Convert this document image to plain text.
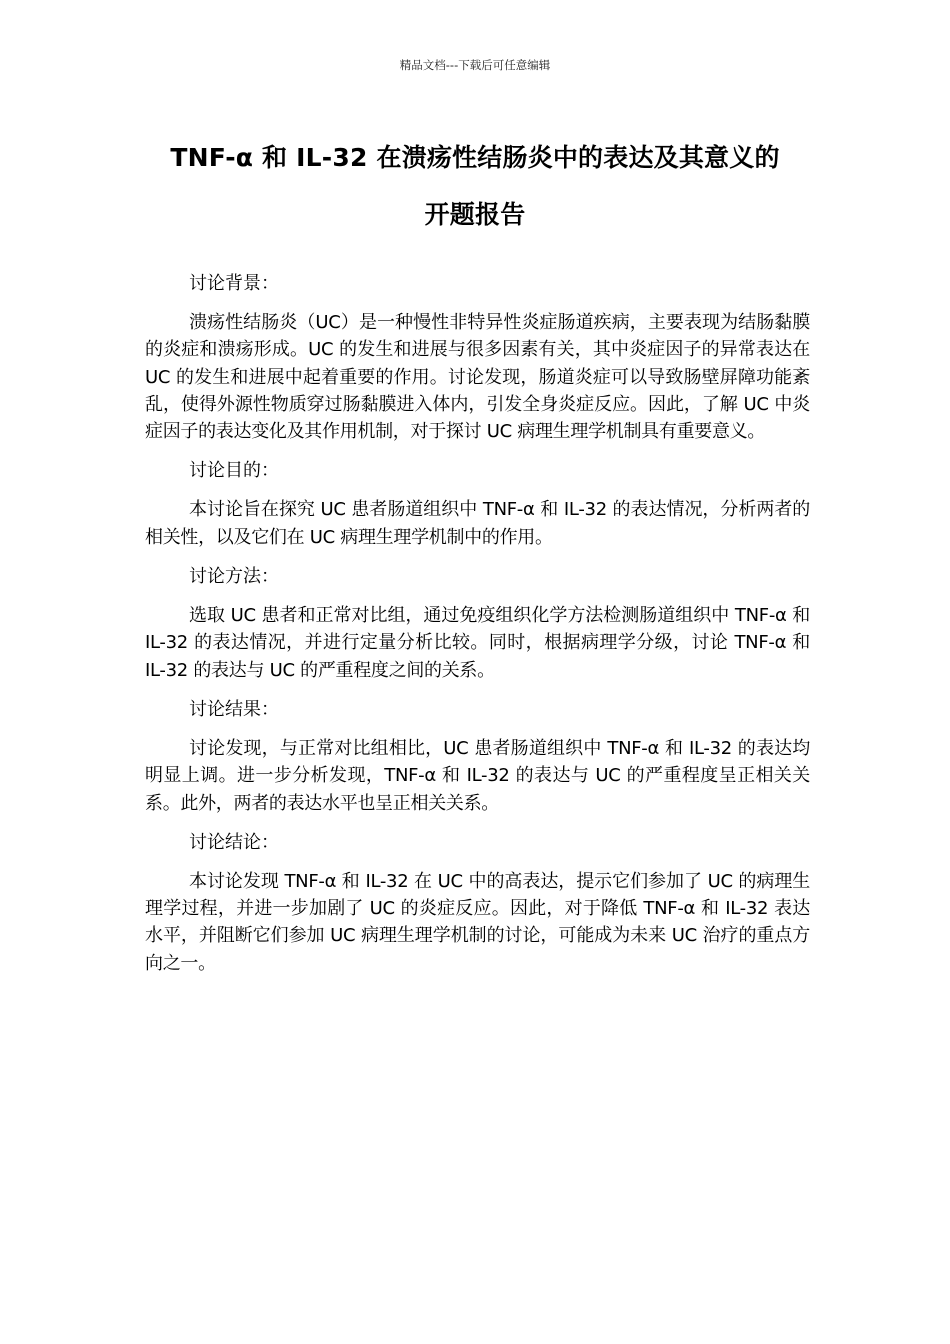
精品文档---下载后可任意编辑
TNF-α 和 IL-32 在溃疡性结肠炎中的表达及其意义的
开题报告

讨论背景：

溃疡性结肠炎（UC）是一种慢性非特异性炎症肠道疾病，主要表现为结肠黏膜的炎症和溃疡形成。UC 的发生和进展与很多因素有关，其中炎症因子的异常表达在 UC 的发生和进展中起着重要的作用。讨论发现，肠道炎症可以导致肠壁屏障功能紊乱，使得外源性物质穿过肠黏膜进入体内，引发全身炎症反应。因此，了解 UC 中炎症因子的表达变化及其作用机制，对于探讨 UC 病理生理学机制具有重要意义。

讨论目的：

本讨论旨在探究 UC 患者肠道组织中 TNF-α 和 IL-32 的表达情况，分析两者的相关性，以及它们在 UC 病理生理学机制中的作用。

讨论方法：

选取 UC 患者和正常对比组，通过免疫组织化学方法检测肠道组织中 TNF-α 和 IL-32 的表达情况，并进行定量分析比较。同时，根据病理学分级，讨论 TNF-α 和 IL-32 的表达与 UC 的严重程度之间的关系。

讨论结果：

讨论发现，与正常对比组相比，UC 患者肠道组织中 TNF-α 和 IL-32 的表达均明显上调。进一步分析发现，TNF-α 和 IL-32 的表达与 UC 的严重程度呈正相关关系。此外，两者的表达水平也呈正相关关系。

讨论结论：

本讨论发现 TNF-α 和 IL-32 在 UC 中的高表达，提示它们参加了 UC 的病理生理学过程，并进一步加剧了 UC 的炎症反应。因此，对于降低 TNF-α 和 IL-32 表达水平，并阻断它们参加 UC 病理生理学机制的讨论，可能成为未来 UC 治疗的重点方向之一。
